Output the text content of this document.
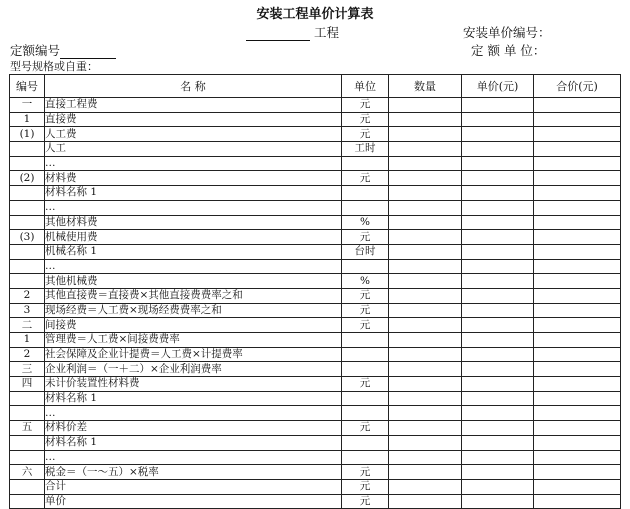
安装工程单价计算表
工程	安装单价编号：
定额编号	定 额 单 位：
型号规格或自重：
编号	名 称	单位	数量	单价(元)	合价(元)
一	直接工程费	元			
1	直接费	元			
(1)	人工费	元			
	人工	工时			
	…				
(2)	材料费	元			
	材料名称 1				
	…				
	其他材料费	%			
(3)	机械使用费	元			
	机械名称 1	台时			
	…				
	其他机械费	%			
2	其他直接费＝直接费×其他直接费费率之和	元			
3	现场经费＝人工费×现场经费费率之和	元			
二	间接费	元			
1	管理费＝人工费×间接费费率				
2	社会保障及企业计提费＝人工费×计提费率				
三	企业利润＝（一＋二）×企业利润费率				
四	未计价装置性材料费	元			
	材料名称 1				
	…				
五	材料价差	元			
	材料名称 1				
	…				
六	税金＝（一～五）×税率	元			
	合计	元			
	单价	元			
